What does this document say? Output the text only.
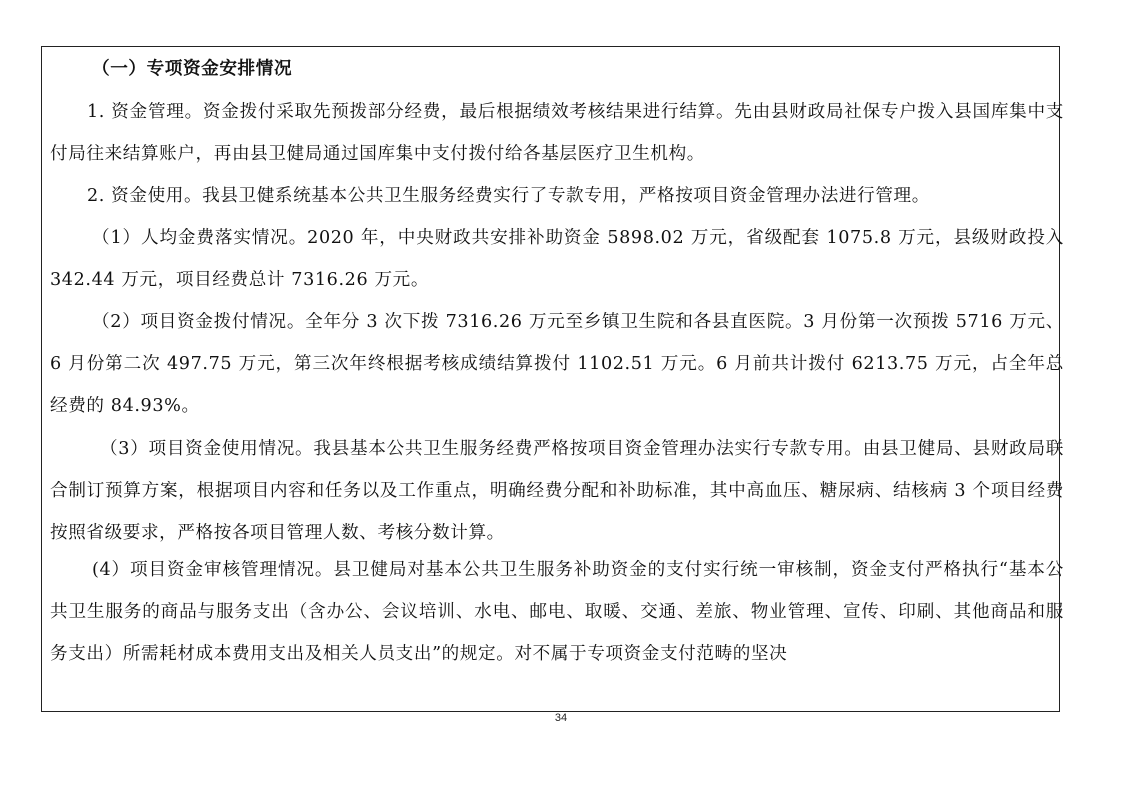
（一）专项资金安排情况
1. 资金管理。资金拨付采取先预拨部分经费，最后根据绩效考核结果进行结算。先由县财政局社保专户拨入县国库集中支付局往来结算账户，再由县卫健局通过国库集中支付拨付给各基层医疗卫生机构。
2. 资金使用。我县卫健系统基本公共卫生服务经费实行了专款专用，严格按项目资金管理办法进行管理。
（1）人均金费落实情况。2020 年，中央财政共安排补助资金 5898.02 万元，省级配套 1075.8 万元，县级财政投入 342.44 万元，项目经费总计 7316.26 万元。
（2）项目资金拨付情况。全年分 3 次下拨 7316.26 万元至乡镇卫生院和各县直医院。3 月份第一次预拨 5716 万元、6 月份第二次 497.75 万元，第三次年终根据考核成绩结算拨付 1102.51 万元。6 月前共计拨付 6213.75 万元，占全年总经费的 84.93%。
（3）项目资金使用情况。我县基本公共卫生服务经费严格按项目资金管理办法实行专款专用。由县卫健局、县财政局联合制订预算方案，根据项目内容和任务以及工作重点，明确经费分配和补助标准，其中高血压、糖尿病、结核病 3 个项目经费按照省级要求，严格按各项目管理人数、考核分数计算。
(4）项目资金审核管理情况。县卫健局对基本公共卫生服务补助资金的支付实行统一审核制，资金支付严格执行“基本公共卫生服务的商品与服务支出（含办公、会议培训、水电、邮电、取暖、交通、差旅、物业管理、宣传、印刷、其他商品和服务支出）所需耗材成本费用支出及相关人员支出”的规定。对不属于专项资金支付范畴的坚决
34
